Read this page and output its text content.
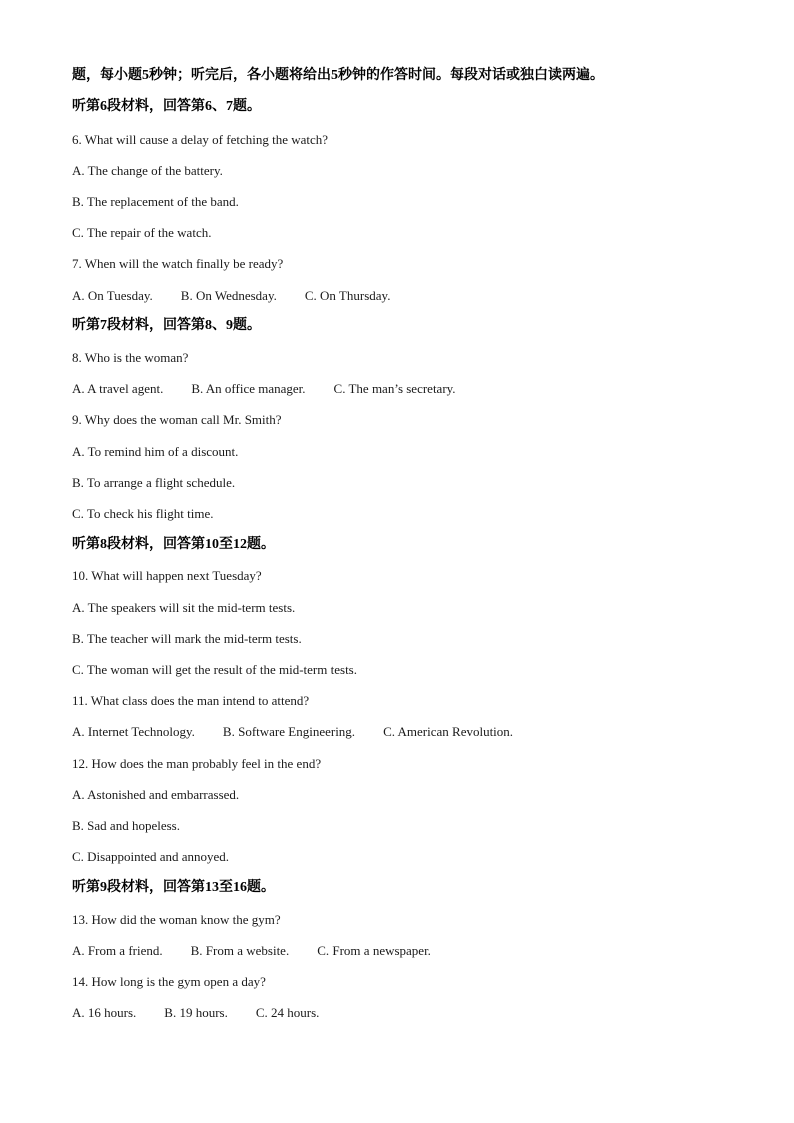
题，每小题5秒钟；听完后，各小题将给出5秒钟的作答时间。每段对话或独白读两遍。
听第6段材料，回答第6、7题。
6. What will cause a delay of fetching the watch?
A. The change of the battery.
B. The replacement of the band.
C. The repair of the watch.
7. When will the watch finally be ready?
A. On Tuesday. B. On Wednesday. C. On Thursday.
听第7段材料，回答第8、9题。
8. Who is the woman?
A. A travel agent. B. An office manager. C. The man’s secretary.
9. Why does the woman call Mr. Smith?
A. To remind him of a discount.
B. To arrange a flight schedule.
C. To check his flight time.
听第8段材料，回答第10至12题。
10. What will happen next Tuesday?
A. The speakers will sit the mid-term tests.
B. The teacher will mark the mid-term tests.
C. The woman will get the result of the mid-term tests.
11. What class does the man intend to attend?
A. Internet Technology. B. Software Engineering. C. American Revolution.
12. How does the man probably feel in the end?
A. Astonished and embarrassed.
B. Sad and hopeless.
C. Disappointed and annoyed.
听第9段材料，回答第13至16题。
13. How did the woman know the gym?
A. From a friend. B. From a website. C. From a newspaper.
14. How long is the gym open a day?
A. 16 hours. B. 19 hours. C. 24 hours.
